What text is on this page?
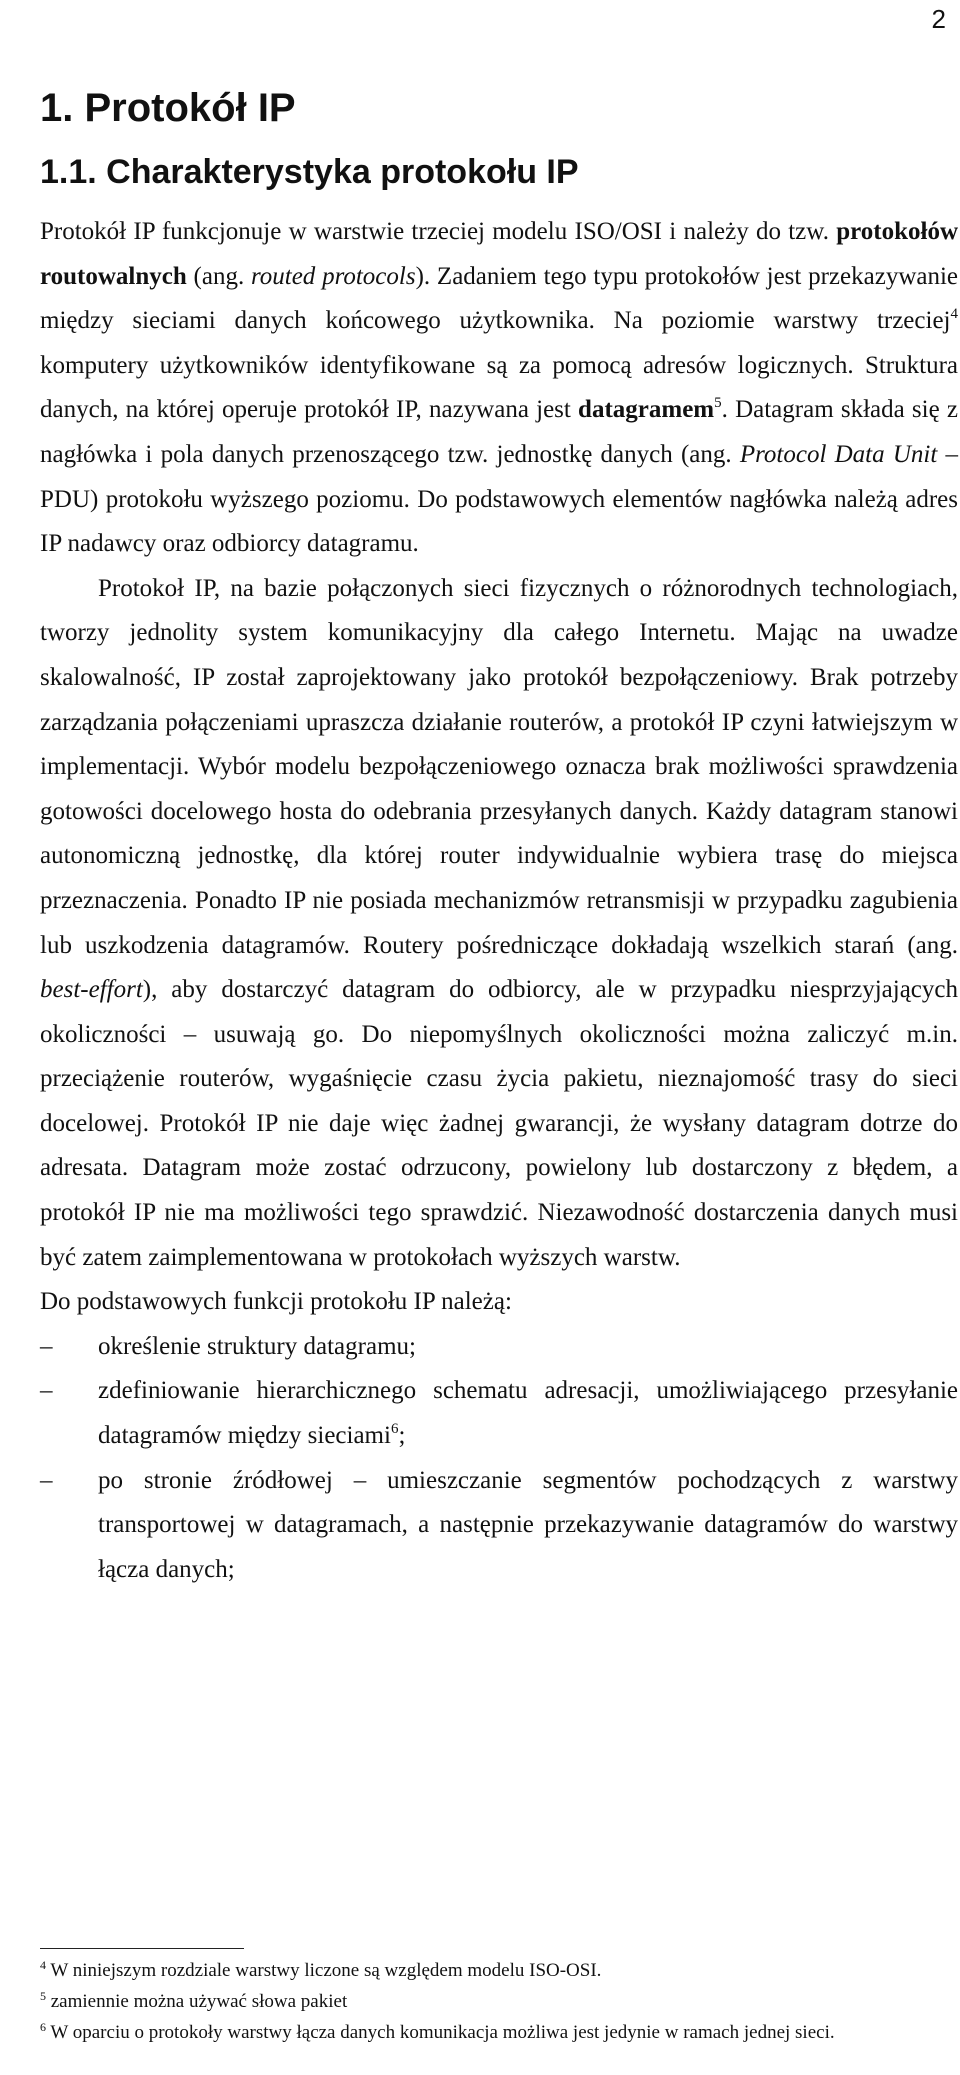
2
1. Protokół IP
1.1. Charakterystyka protokołu IP

Protokół IP funkcjonuje w warstwie trzeciej modelu ISO/OSI i należy do tzw. protokołów routowalnych (ang. routed protocols). Zadaniem tego typu protokołów jest przekazywanie między sieciami danych końcowego użytkownika. Na poziomie warstwy trzeciej$^4$ komputery użytkowników identyfikowane są za pomocą adresów logicznych. Struktura danych, na której operuje protokół IP, nazywana jest datagramem$^5$. Datagram składa się z nagłówka i pola danych przenoszącego tzw. jednostkę danych (ang. Protocol Data Unit – PDU) protokołu wyższego poziomu. Do podstawowych elementów nagłówka należą adres IP nadawcy oraz odbiorcy datagramu.

Protokoł IP, na bazie połączonych sieci fizycznych o różnorodnych technologiach, tworzy jednolity system komunikacyjny dla całego Internetu. Mając na uwadze skalowalność, IP został zaprojektowany jako protokół bezpołączeniowy. Brak potrzeby zarządzania połączeniami upraszcza działanie routerów, a protokół IP czyni łatwiejszym w implementacji. Wybór modelu bezpołączeniowego oznacza brak możliwości sprawdzenia gotowości docelowego hosta do odebrania przesyłanych danych. Każdy datagram stanowi autonomiczną jednostkę, dla której router indywidualnie wybiera trasę do miejsca przeznaczenia. Ponadto IP nie posiada mechanizmów retransmisji w przypadku zagubienia lub uszkodzenia datagramów. Routery pośredniczące dokładają wszelkich starań (ang. best-effort), aby dostarczyć datagram do odbiorcy, ale w przypadku niesprzyjających okoliczności – usuwają go. Do niepomyślnych okoliczności można zaliczyć m.in. przeciążenie routerów, wygaśnięcie czasu życia pakietu, nieznajomość trasy do sieci docelowej. Protokół IP nie daje więc żadnej gwarancji, że wysłany datagram dotrze do adresata. Datagram może zostać odrzucony, powielony lub dostarczony z błędem, a protokół IP nie ma możliwości tego sprawdzić. Niezawodność dostarczenia danych musi być zatem zaimplementowana w protokołach wyższych warstw.

Do podstawowych funkcji protokołu IP należą:

– określenie struktury datagramu;
– zdefiniowanie hierarchicznego schematu adresacji, umożliwiającego przesyłanie datagramów między sieciami$^6$;
– po stronie źródłowej – umieszczanie segmentów pochodzących z warstwy transportowej w datagramach, a następnie przekazywanie datagramów do warstwy łącza danych;
$^4$ W niniejszym rozdziale warstwy liczone są względem modelu ISO-OSI.
$^5$ zamiennie można używać słowa pakiet
$^6$ W oparciu o protokoły warstwy łącza danych komunikacja możliwa jest jedynie w ramach jednej sieci.
